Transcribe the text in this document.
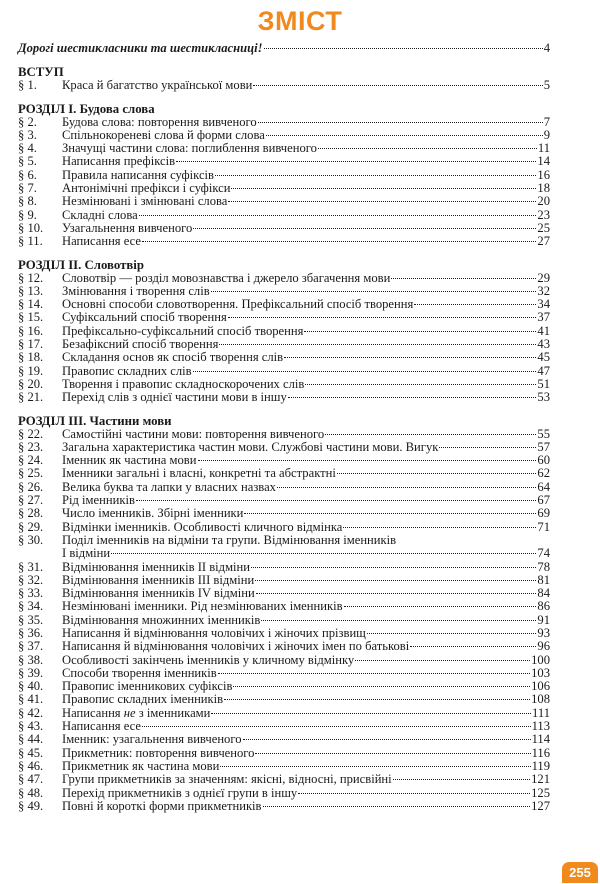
ЗМІСТ
Дорогі шестикласники та шестикласниці!	4
ВСТУП
§ 1.	Краса й багатство української мови	5
РОЗДІЛ І. Будова слова
§ 2.	Будова слова: повторення вивченого	7
§ 3.	Спільнокореневі слова й форми слова	9
§ 4.	Значущі частини слова: поглиблення вивченого	11
§ 5.	Написання префіксів	14
§ 6.	Правила написання суфіксів	16
§ 7.	Антонімічні префікси і суфікси	18
§ 8.	Незмінювані і змінювані слова	20
§ 9.	Складні слова	23
§ 10.	Узагальнення вивченого	25
§ 11.	Написання есе	27
РОЗДІЛ ІІ. Словотвір
§ 12.	Словотвір — розділ мовознавства і джерело збагачення мови	29
§ 13.	Змінювання і творення слів	32
§ 14.	Основні способи словотворення. Префіксальний спосіб творення	34
§ 15.	Суфіксальний спосіб творення	37
§ 16.	Префіксально-суфіксальний спосіб творення	41
§ 17.	Безафіксний спосіб творення	43
§ 18.	Складання основ як спосіб творення слів	45
§ 19.	Правопис складних слів	47
§ 20.	Творення і правопис складноскорочених слів	51
§ 21.	Перехід слів з однієї частини мови в іншу	53
РОЗДІЛ ІІІ. Частини мови
§ 22.	Самостійні частини мови: повторення вивченого	55
§ 23.	Загальна характеристика частин мови. Службові частини мови. Вигук	57
§ 24.	Іменник як частина мови	60
§ 25.	Іменники загальні і власні, конкретні та абстрактні	62
§ 26.	Велика буква та лапки у власних назвах	64
§ 27.	Рід іменників	67
§ 28.	Число іменників. Збірні іменники	69
§ 29.	Відмінки іменників. Особливості кличного відмінка	71
§ 30.	Поділ іменників на відміни та групи. Відмінювання іменників
І відміни	74
§ 31.	Відмінювання іменників ІІ відміни	78
§ 32.	Відмінювання іменників ІІІ відміни	81
§ 33.	Відмінювання іменників IV відміни	84
§ 34.	Незмінювані іменники. Рід незмінюваних іменників	86
§ 35.	Відмінювання множинних іменників	91
§ 36.	Написання й відмінювання чоловічих і жіночих прізвищ	93
§ 37.	Написання й відмінювання чоловічих і жіночих імен по батькові	96
§ 38.	Особливості закінчень іменників у кличному відмінку	100
§ 39.	Способи творення іменників	103
§ 40.	Правопис іменникових суфіксів	106
§ 41.	Правопис складних іменників	108
§ 42.	Написання не з іменниками	111
§ 43.	Написання есе	113
§ 44.	Іменник: узагальнення вивченого	114
§ 45.	Прикметник: повторення вивченого	116
§ 46.	Прикметник як частина мови	119
§ 47.	Групи прикметників за значенням: якісні, відносні, присвійні	121
§ 48.	Перехід прикметників з однієї групи в іншу	125
§ 49.	Повні й короткі форми прикметників	127
255
